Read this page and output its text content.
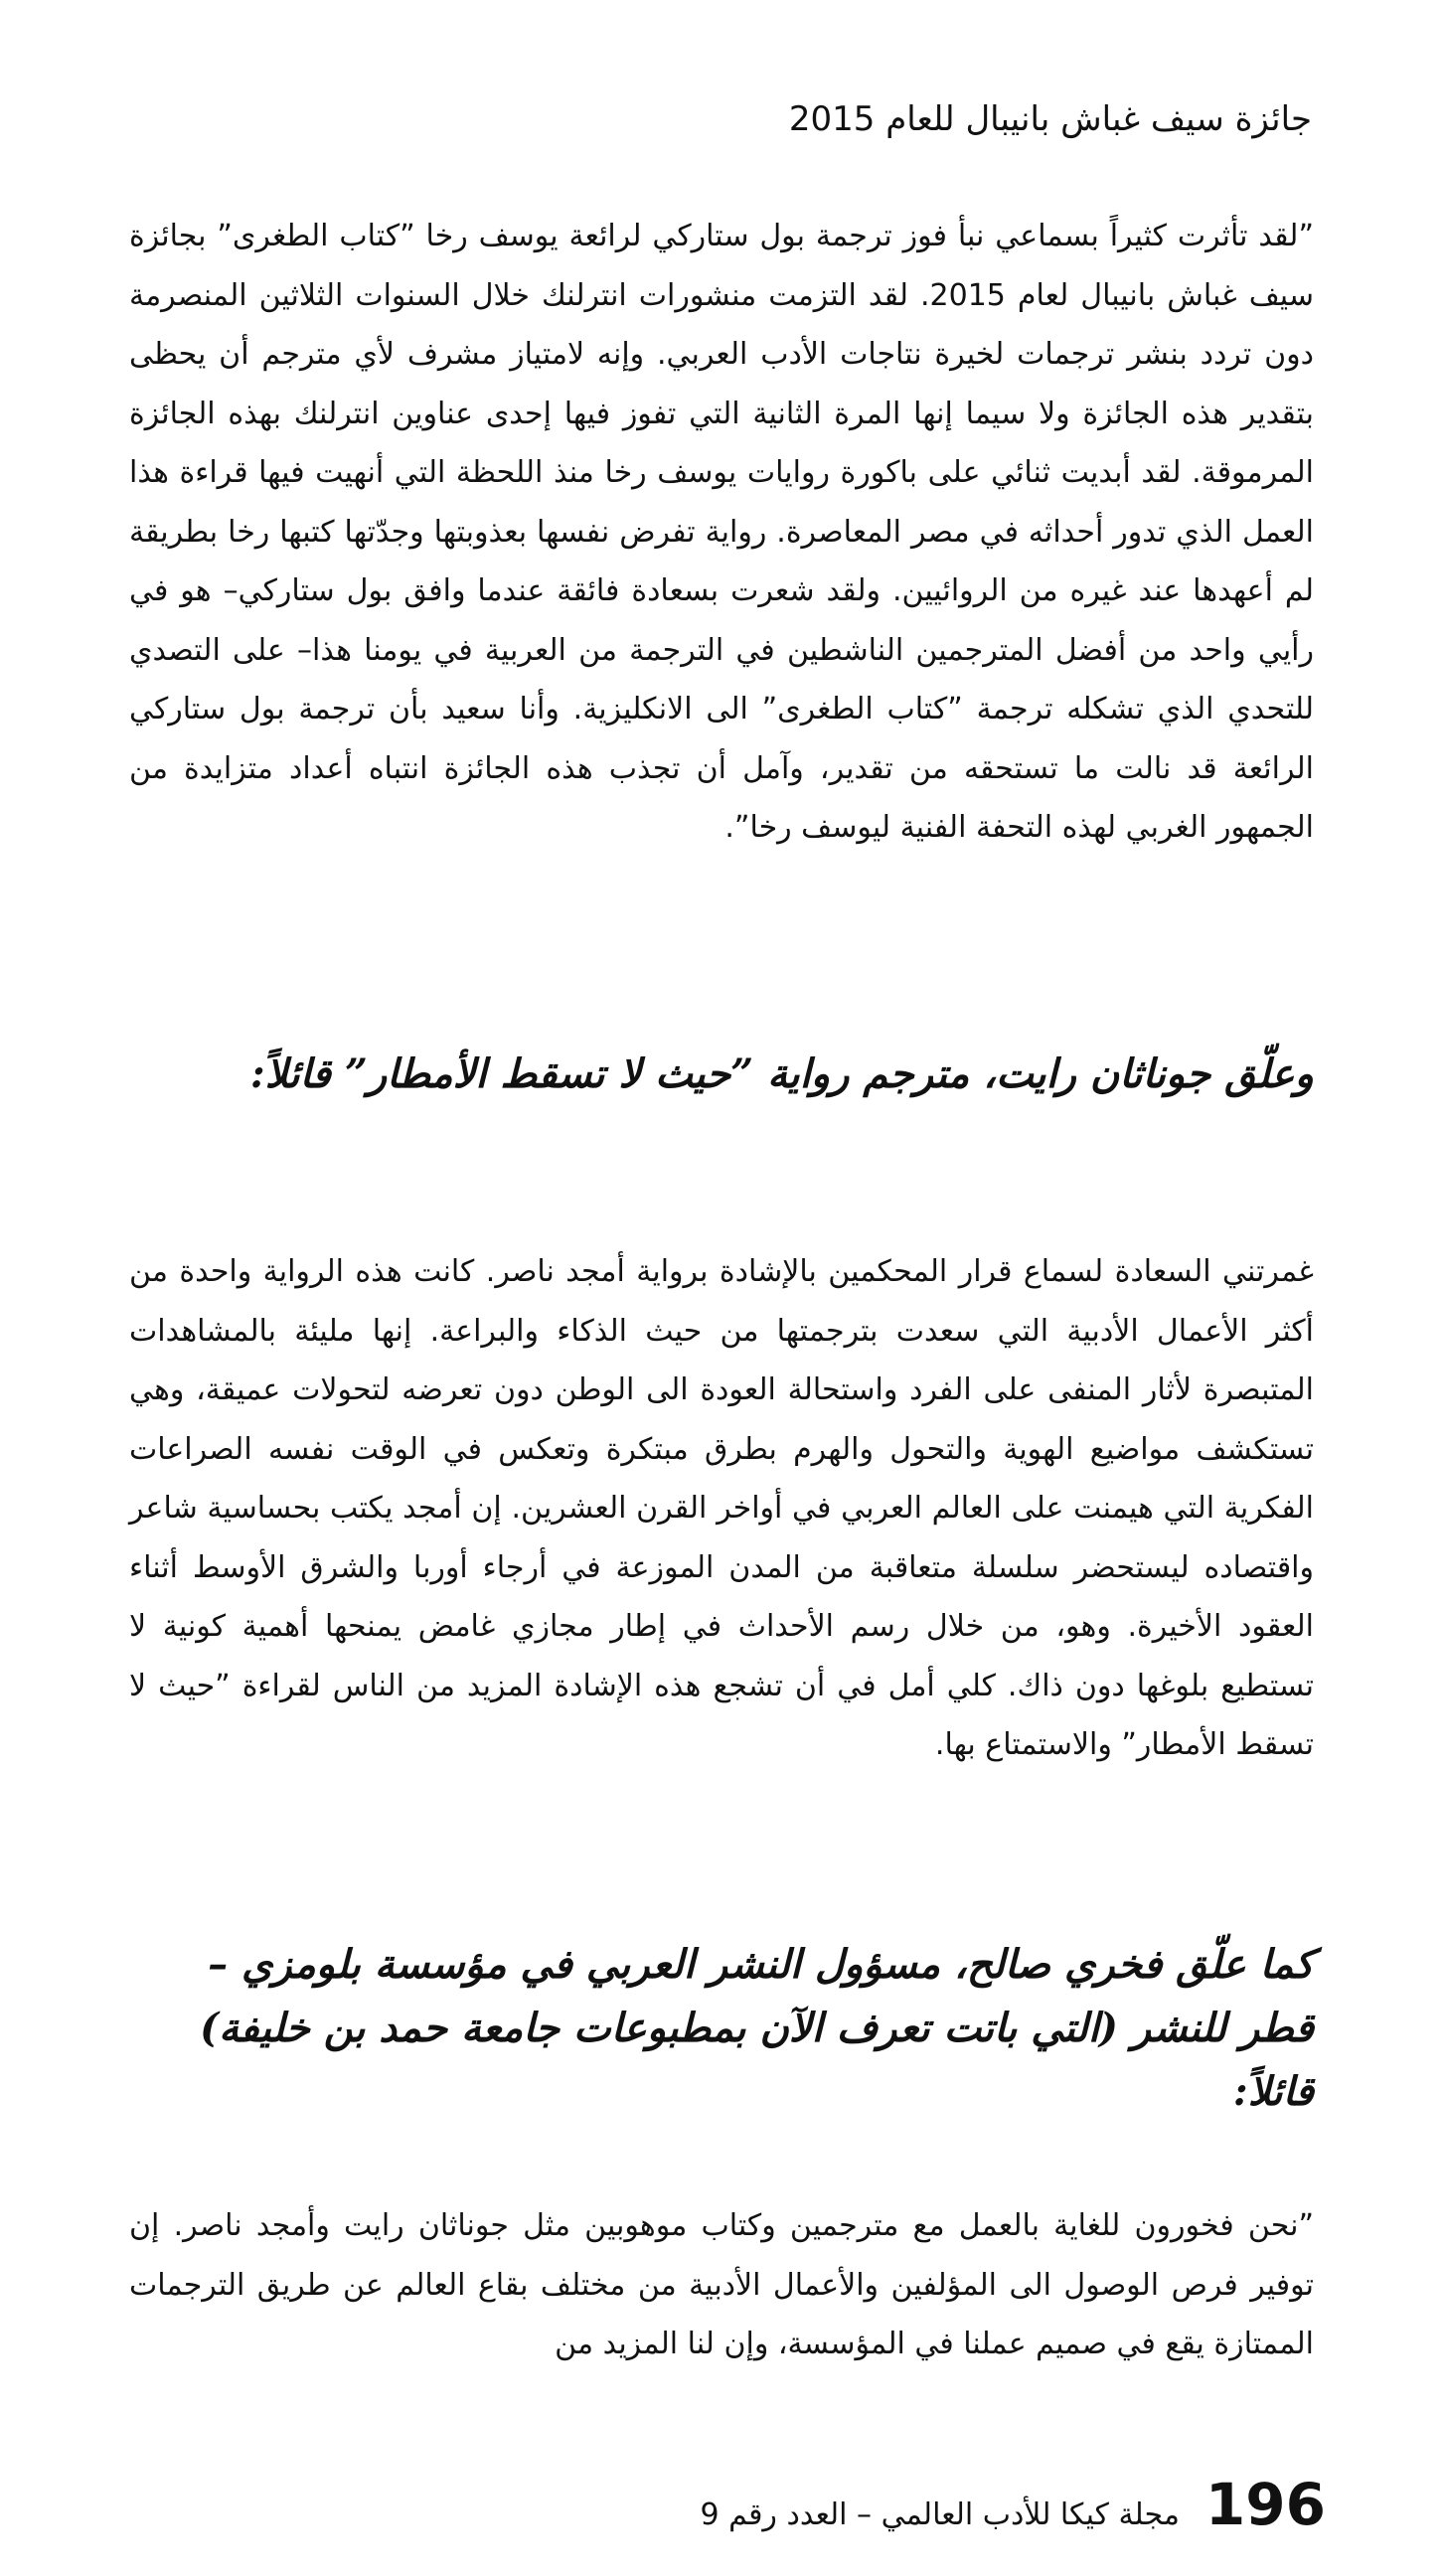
جائزة سيف غباش بانيبال للعام 2015

”لقد تأثرت كثيراً بسماعي نبأ فوز ترجمة بول ستاركي لرائعة يوسف رخا ”كتاب الطغرى” بجائزة سيف غباش بانيبال لعام 2015. لقد التزمت منشورات انترلنك خلال السنوات الثلاثين المنصرمة دون تردد بنشر ترجمات لخيرة نتاجات الأدب العربي. وإنه لامتياز مشرف لأي مترجم أن يحظى بتقدير هذه الجائزة ولا سيما إنها المرة الثانية التي تفوز فيها إحدى عناوين انترلنك بهذه الجائزة المرموقة. لقد أبديت ثنائي على باكورة روايات يوسف رخا منذ اللحظة التي أنهيت فيها قراءة هذا العمل الذي تدور أحداثه في مصر المعاصرة. رواية تفرض نفسها بعذوبتها وجدّتها كتبها رخا بطريقة لم أعهدها عند غيره من الروائيين. ولقد شعرت بسعادة فائقة عندما وافق بول ستاركي– هو في رأيي واحد من أفضل المترجمين الناشطين في الترجمة من العربية في يومنا هذا– على التصدي للتحدي الذي تشكله ترجمة ”كتاب الطغرى” الى الانكليزية. وأنا سعيد بأن ترجمة بول ستاركي الرائعة قد نالت ما تستحقه من تقدير، وآمل أن تجذب هذه الجائزة انتباه أعداد متزايدة من الجمهور الغربي لهذه التحفة الفنية ليوسف رخا”.

وعلّق جوناثان رايت، مترجم رواية ”حيث لا تسقط الأمطار” قائلاً:

غمرتني السعادة لسماع قرار المحكمين بالإشادة برواية أمجد ناصر. كانت هذه الرواية واحدة من أكثر الأعمال الأدبية التي سعدت بترجمتها من حيث الذكاء والبراعة. إنها مليئة بالمشاهدات المتبصرة لأثار المنفى على الفرد واستحالة العودة الى الوطن دون تعرضه لتحولات عميقة، وهي تستكشف مواضيع الهوية والتحول والهرم بطرق مبتكرة وتعكس في الوقت نفسه الصراعات الفكرية التي هيمنت على العالم العربي في أواخر القرن العشرين. إن أمجد يكتب بحساسية شاعر واقتصاده ليستحضر سلسلة متعاقبة من المدن الموزعة في أرجاء أوربا والشرق الأوسط أثناء العقود الأخيرة. وهو، من خلال رسم الأحداث في إطار مجازي غامض يمنحها أهمية كونية لا تستطيع بلوغها دون ذاك. كلي أمل في أن تشجع هذه الإشادة المزيد من الناس لقراءة ”حيث لا تسقط الأمطار” والاستمتاع بها.

كما علّق فخري صالح، مسؤول النشر العربي في مؤسسة بلومزي – قطر للنشر (التي باتت تعرف الآن بمطبوعات جامعة حمد بن خليفة) قائلاً:

”نحن فخورون للغاية بالعمل مع مترجمين وكتاب موهوبين مثل جوناثان رايت وأمجد ناصر. إن توفير فرص الوصول الى المؤلفين والأعمال الأدبية من مختلف بقاع العالم عن طريق الترجمات الممتازة يقع في صميم عملنا في المؤسسة، وإن لنا المزيد من

196
مجلة كيكا للأدب العالمي – العدد رقم 9
